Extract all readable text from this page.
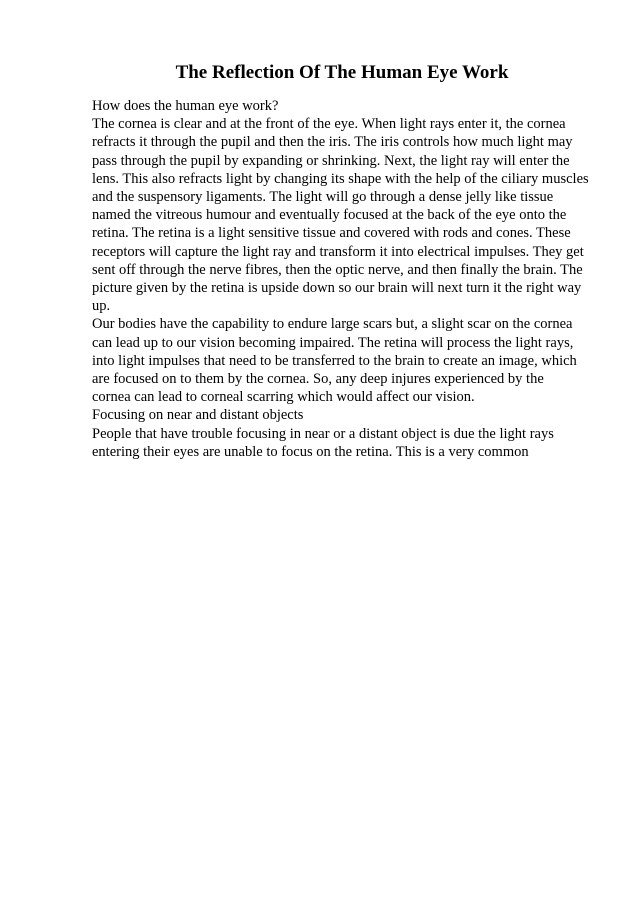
The Reflection Of The Human Eye Work
How does the human eye work?
The cornea is clear and at the front of the eye. When light rays enter it, the cornea
refracts it through the pupil and then the iris. The iris controls how much light may
pass through the pupil by expanding or shrinking. Next, the light ray will enter the
lens. This also refracts light by changing its shape with the help of the ciliary muscles
and the suspensory ligaments. The light will go through a dense jelly like tissue
named the vitreous humour and eventually focused at the back of the eye onto the
retina. The retina is a light sensitive tissue and covered with rods and cones. These
receptors will capture the light ray and transform it into electrical impulses. They get
sent off through the nerve fibres, then the optic nerve, and then finally the brain. The
picture given by the retina is upside down so our brain will next turn it the right way
up.
Our bodies have the capability to endure large scars but, a slight scar on the cornea
can lead up to our vision becoming impaired. The retina will process the light rays,
into light impulses that need to be transferred to the brain to create an image, which
are focused on to them by the cornea. So, any deep injures experienced by the
cornea can lead to corneal scarring which would affect our vision.
Focusing on near and distant objects
People that have trouble focusing in near or a distant object is due the light rays
entering their eyes are unable to focus on the retina. This is a very common
